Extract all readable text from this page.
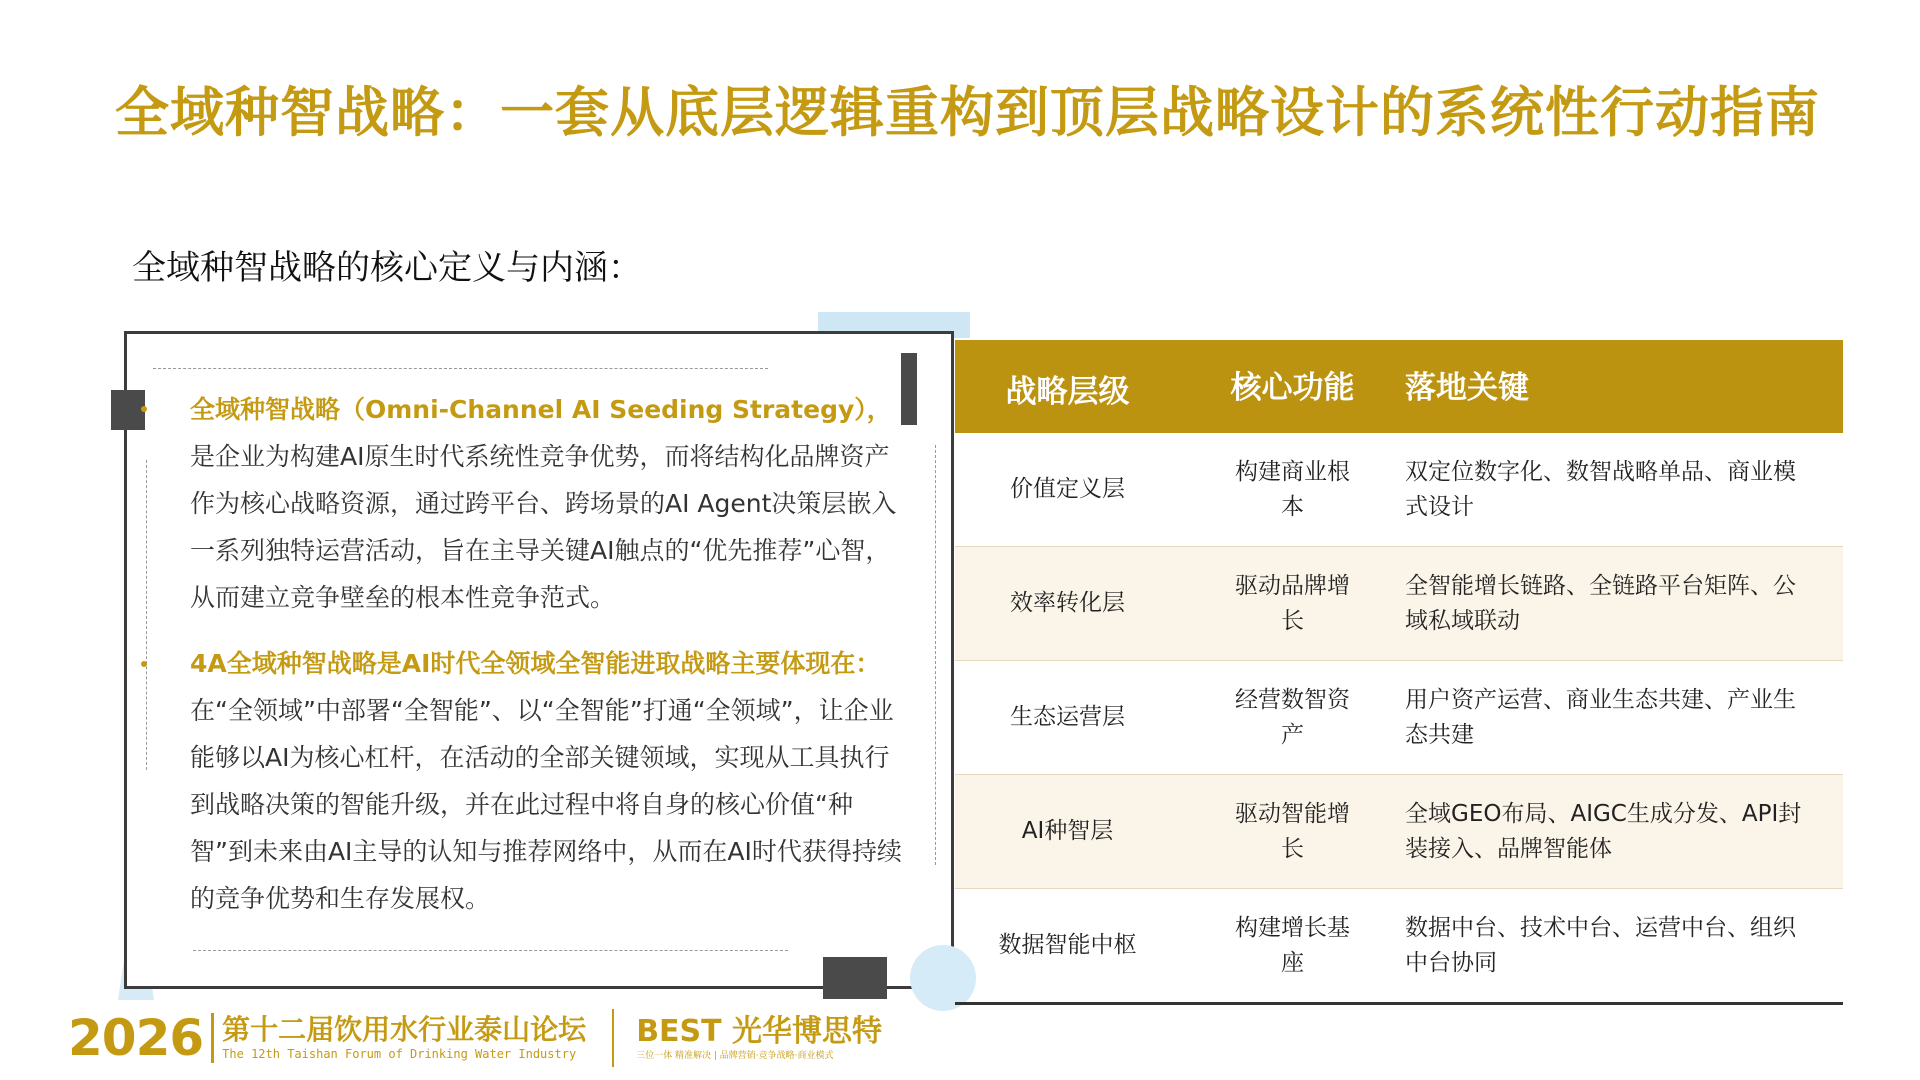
全域种智战略：一套从底层逻辑重构到顶层战略设计的系统性行动指南
全域种智战略的核心定义与内涵：
全域种智战略（Omni-Channel AI Seeding Strategy），是企业为构建AI原生时代系统性竞争优势，而将结构化品牌资产作为核心战略资源，通过跨平台、跨场景的AI Agent决策层嵌入一系列独特运营活动，旨在主导关键AI触点的“优先推荐”心智，从而建立竞争壁垒的根本性竞争范式。
4A全域种智战略是AI时代全领域全智能进取战略主要体现在：在“全领域”中部署“全智能”、以“全智能”打通“全领域”，让企业能够以AI为核心杠杆，在活动的全部关键领域，实现从工具执行到战略决策的智能升级，并在此过程中将自身的核心价值“种智”到未来由AI主导的认知与推荐网络中，从而在AI时代获得持续的竞争优势和生存发展权。
战略层级	核心功能	落地关键
价值定义层
构建商业根本
双定位数字化、数智战略单品、商业模式设计
效率转化层
驱动品牌增长
全智能增长链路、全链路平台矩阵、公域私域联动
生态运营层
经营数智资产
用户资产运营、商业生态共建、产业生态共建
AI种智层
驱动智能增长
全域GEO布局、AIGC生成分发、API封装接入、品牌智能体
数据智能中枢
构建增长基座
数据中台、技术中台、运营中台、组织中台协同
2026 第十二届饮用水行业泰山论坛
The 12th Taishan Forum of Drinking Water Industry
BEST 光华博思特
三位一体 精准解决 | 品牌营销·竞争战略·商业模式
